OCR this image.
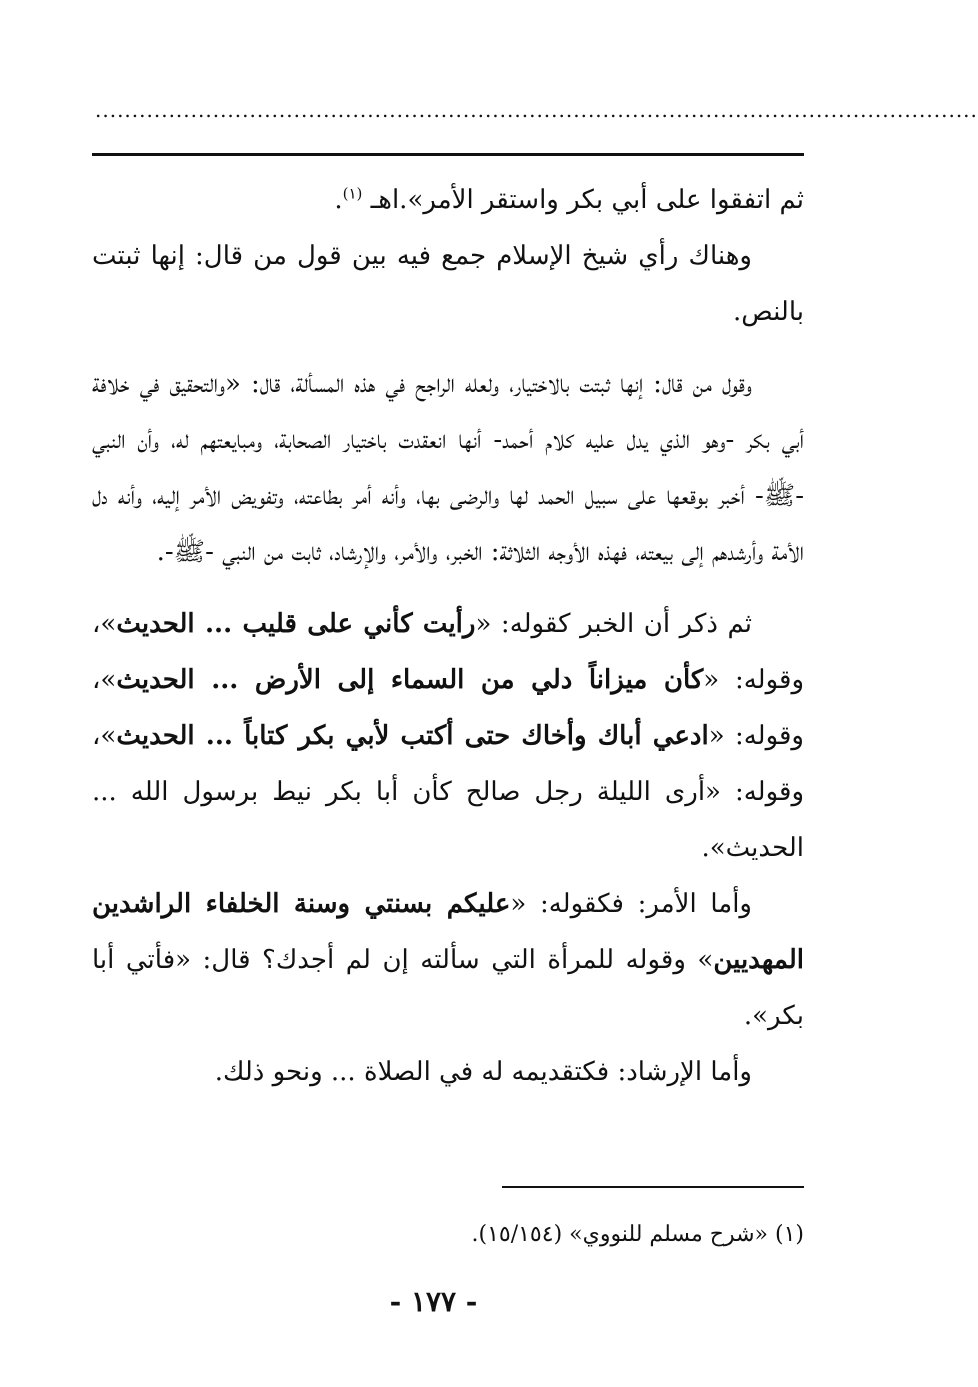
........................................................................................................................

ثم اتفقوا على أبي بكر واستقر الأمر».اهـ $^{(١)}$.

وهناك رأي شيخ الإسلام جمع فيه بين قول من قال: إنها ثبتت بالنص.

وقول من قال: إنها ثبتت بالاختيار، ولعله الراجح في هذه المسألة، قال: «والتحقيق في خلافة أبي بكر -وهو الذي يدل عليه كلام أحمد- أنها انعقدت باختيار الصحابة، ومبايعتهم له، وأن النبي -ﷺ- أخبر بوقعها على سبيل الحمد لها والرضى بها، وأنه أمر بطاعته، وتفويض الأمر إليه، وأنه دل الأمة وأرشدهم إلى بيعته، فهذه الأوجه الثلاثة: الخبر، والأمر، والإرشاد، ثابت من النبي -ﷺ-.

ثم ذكر أن الخبر كقوله: «رأيت كأني على قليب ... الحديث»، وقوله: «كأن ميزاناً دلي من السماء إلى الأرض ... الحديث»، وقوله: «ادعي أباك وأخاك حتى أكتب لأبي بكر كتاباً ... الحديث»، وقوله: «أرى الليلة رجل صالح كأن أبا بكر نيط برسول الله ... الحديث».

وأما الأمر: فكقوله: «عليكم بسنتي وسنة الخلفاء الراشدين المهديين» وقوله للمرأة التي سألته إن لم أجدك؟ قال: «فأتي أبا بكر».

وأما الإرشاد: فكتقديمه له في الصلاة ... ونحو ذلك.

(١) «شرح مسلم للنووي» (١٥/١٥٤).
- ١٧٧ -
